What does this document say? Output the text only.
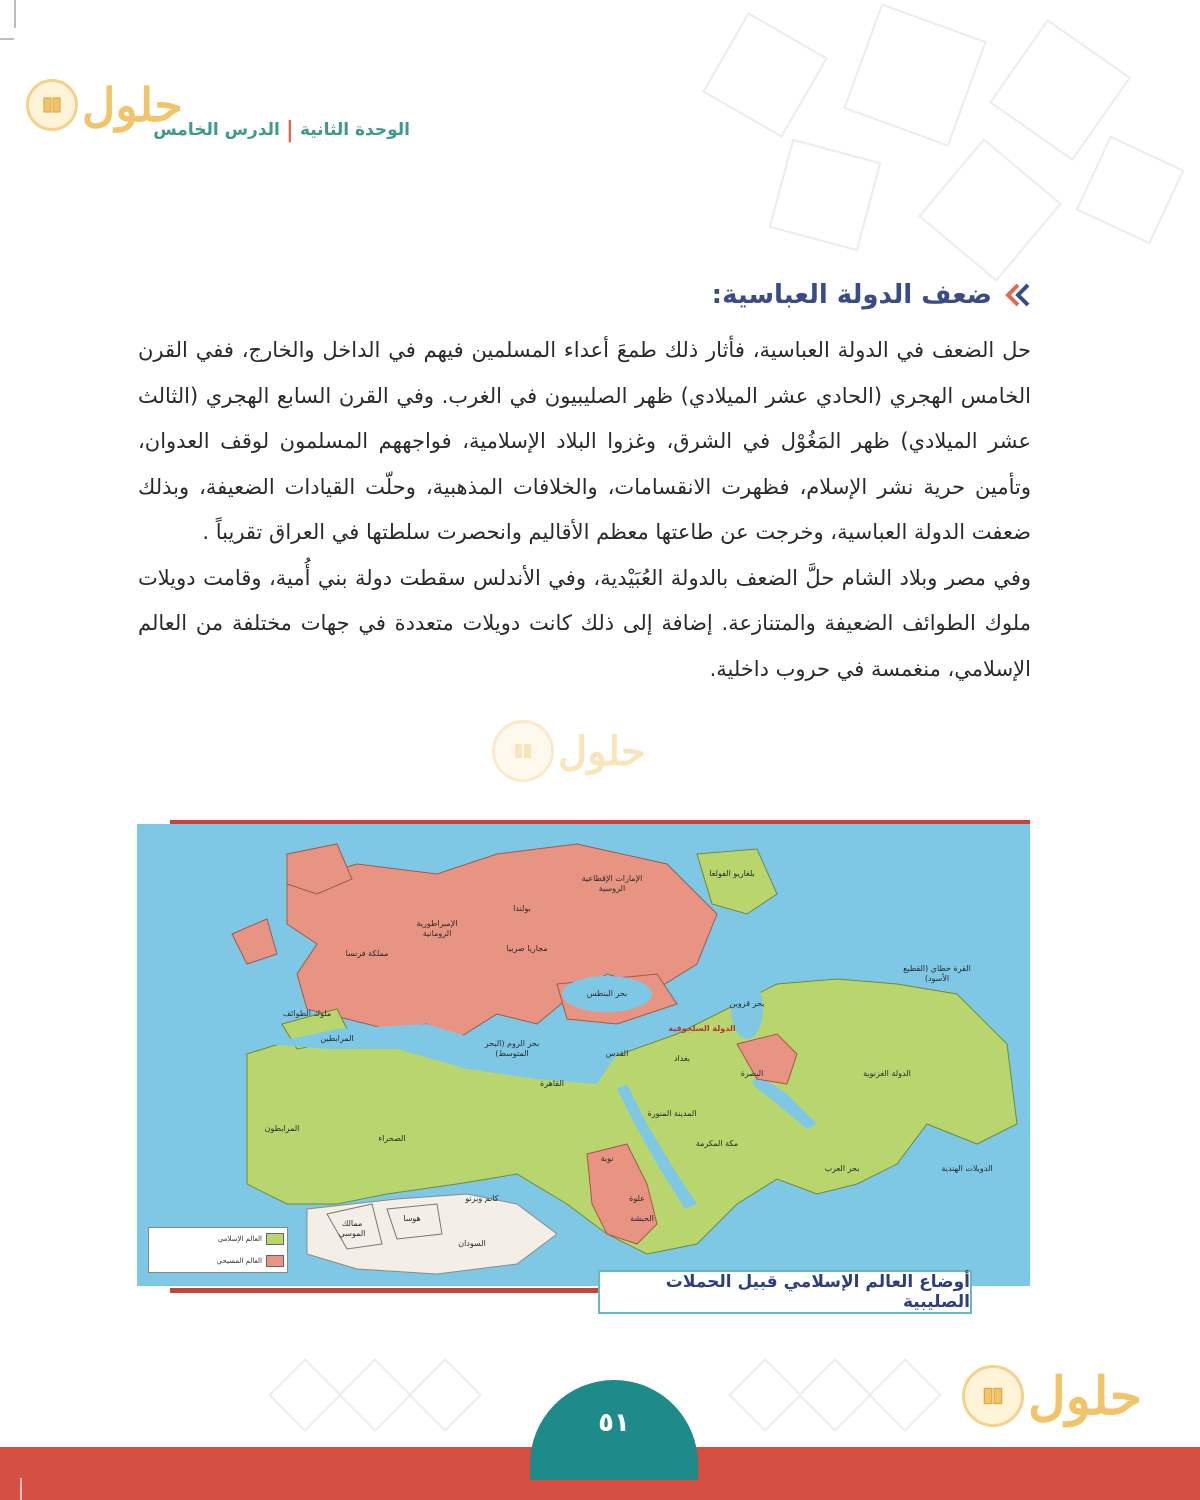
حلول	الوحدة الثانية
|
الدرس الخامس
ضعف الدولة العباسية:

حل الضعف في الدولة العباسية، فأثار ذلك طمعَ أعداء المسلمين فيهم في الداخل والخارج، ففي القرن الخامس الهجري (الحادي عشر الميلادي) ظهر الصليبيون في الغرب. وفي القرن السابع الهجري (الثالث عشر الميلادي) ظهر المَغُوْل في الشرق، وغزوا البلاد الإسلامية، فواجههم المسلمون لوقف العدوان، وتأمين حرية نشر الإسلام، فظهرت الانقسامات، والخلافات المذهبية، وحلّت القيادات الضعيفة، وبذلك ضعفت الدولة العباسية، وخرجت عن طاعتها معظم الأقاليم وانحصرت سلطتها في العراق تقريباً .

وفي مصر وبلاد الشام حلَّ الضعف بالدولة العُبَيْدية، وفي الأندلس سقطت دولة بني أُمية، وقامت دويلات ملوك الطوائف الضعيفة والمتنازعة. إضافة إلى ذلك كانت دويلات متعددة في جهات مختلفة من العالم الإسلامي، منغمسة في حروب داخلية.

حلول
الإمارات الإقطاعية الروسية
بولندا
الإمبراطورية الرومانية
مجاريا صربيا
مملكة فرنسا
ملوك الطوائف
بحر البنطس
بحر قزوين
بلغاريو الفولغا
القرة خطاي (القطيع الأسود)
الدولة السلجوقية
بغداد
الدولة الغزنوية
بحر الروم (البحر المتوسط)
القاهرة
القدس
البصرة
المدينة المنورة
مكة المكرمة
الصحراء
المرابطون
المرابطين
بحر العرب	الدويلات الهندية
نوبة
كانم وبرنو
هوسا
ممالك الموسي
السودان
الحبشة
علوة
العالم الإسلامي
العالم المسيحي
أوضاع العالم الإسلامي قبيل الحملات الصليبية
حلول
٥١
